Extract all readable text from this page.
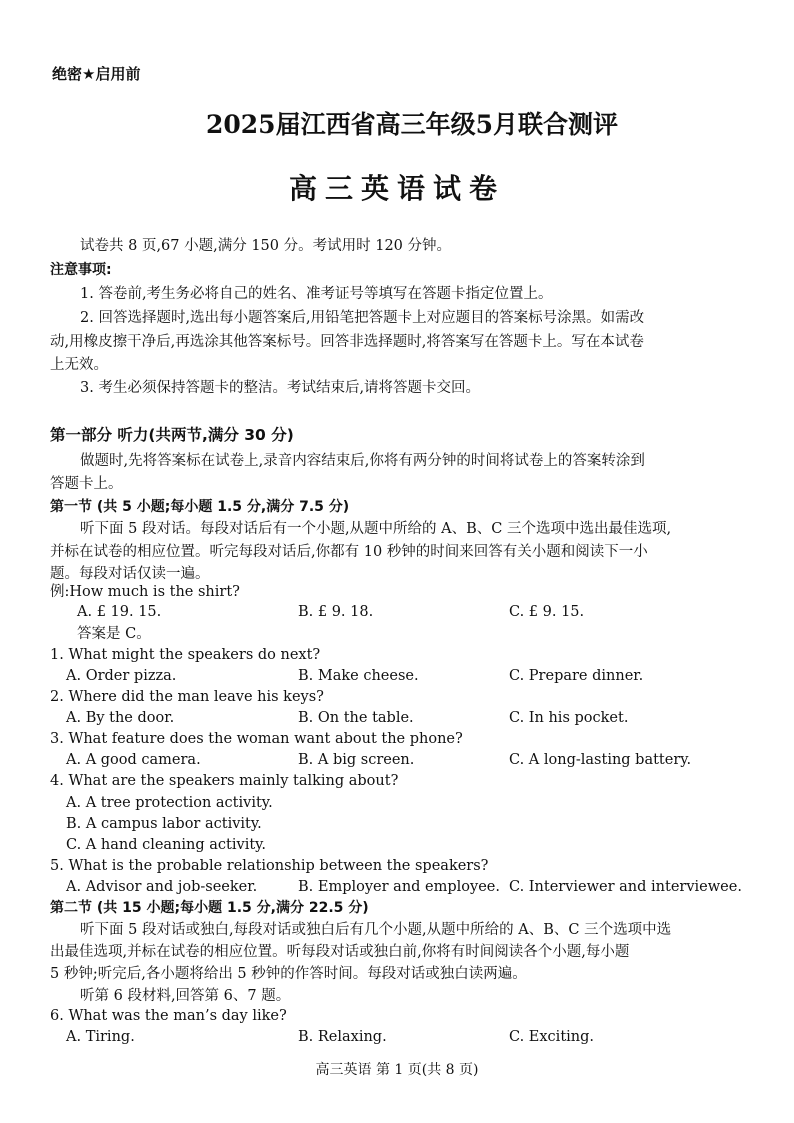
绝密★启用前
2025届江西省高三年级5月联合测评
高三英语试卷
试卷共 8 页,67 小题,满分 150 分。考试用时 120 分钟。
注意事项:
1. 答卷前,考生务必将自己的姓名、准考证号等填写在答题卡指定位置上。
2. 回答选择题时,选出每小题答案后,用铅笔把答题卡上对应题目的答案标号涂黑。如需改
动,用橡皮擦干净后,再选涂其他答案标号。回答非选择题时,将答案写在答题卡上。写在本试卷
上无效。
3. 考生必须保持答题卡的整洁。考试结束后,请将答题卡交回。
第一部分 听力(共两节,满分 30 分)
做题时,先将答案标在试卷上,录音内容结束后,你将有两分钟的时间将试卷上的答案转涂到
答题卡上。
第一节 (共 5 小题;每小题 1.5 分,满分 7.5 分)
听下面 5 段对话。每段对话后有一个小题,从题中所给的 A、B、C 三个选项中选出最佳选项,
并标在试卷的相应位置。听完每段对话后,你都有 10 秒钟的时间来回答有关小题和阅读下一小
题。每段对话仅读一遍。
例:How much is the shirt?
A. £ 19. 15.	B. £ 9. 18.	C. £ 9. 15.
答案是 C。
1. What might the speakers do next?
A. Order pizza.	B. Make cheese.	C. Prepare dinner.
2. Where did the man leave his keys?
A. By the door.	B. On the table.	C. In his pocket.
3. What feature does the woman want about the phone?
A. A good camera.	B. A big screen.	C. A long-lasting battery.
4. What are the speakers mainly talking about?
A. A tree protection activity.
B. A campus labor activity.
C. A hand cleaning activity.
5. What is the probable relationship between the speakers?
A. Advisor and job-seeker.	B. Employer and employee. C. Interviewer and interviewee.
第二节 (共 15 小题;每小题 1.5 分,满分 22.5 分)
听下面 5 段对话或独白,每段对话或独白后有几个小题,从题中所给的 A、B、C 三个选项中选
出最佳选项,并标在试卷的相应位置。听每段对话或独白前,你将有时间阅读各个小题,每小题
5 秒钟;听完后,各小题将给出 5 秒钟的作答时间。每段对话或独白读两遍。
听第 6 段材料,回答第 6、7 题。
6. What was the man’s day like?
A. Tiring.	B. Relaxing.	C. Exciting.
高三英语 第 1 页(共 8 页)
